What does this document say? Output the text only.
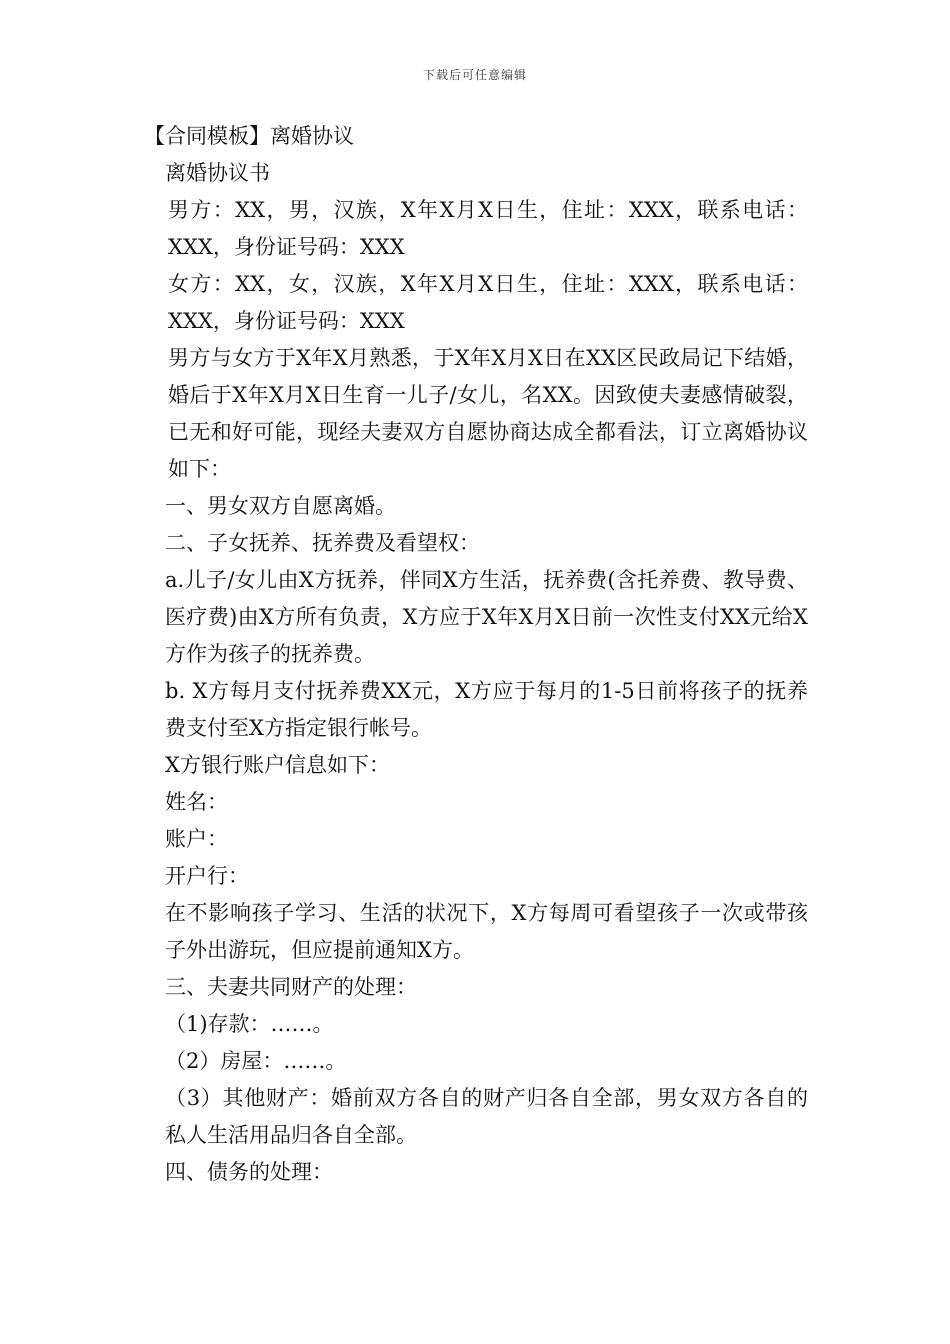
下载后可任意编辑

【合同模板】离婚协议

离婚协议书

男方：XX，男，汉族，X年X月X日生，住址：XXX，联系电话：XXX，身份证号码：XXX

女方：XX，女，汉族，X年X月X日生，住址：XXX，联系电话：XXX，身份证号码：XXX

男方与女方于X年X月熟悉，于X年X月X日在XX区民政局记下结婚，婚后于X年X月X日生育一儿子/女儿，名XX。因致使夫妻感情破裂，已无和好可能，现经夫妻双方自愿协商达成全都看法，订立离婚协议如下：

一、男女双方自愿离婚。

二、子女抚养、抚养费及看望权：

a.儿子/女儿由X方抚养，伴同X方生活，抚养费(含托养费、教导费、医疗费)由X方所有负责，X方应于X年X月X日前一次性支付XX元给X方作为孩子的抚养费。

b. X方每月支付抚养费XX元，X方应于每月的1-5日前将孩子的抚养费支付至X方指定银行帐号。

X方银行账户信息如下：

姓名：

账户：

开户行：

在不影响孩子学习、生活的状况下，X方每周可看望孩子一次或带孩子外出游玩，但应提前通知X方。

三、夫妻共同财产的处理：

（1)存款：……。

（2）房屋：……。

（3）其他财产：婚前双方各自的财产归各自全部，男女双方各自的私人生活用品归各自全部。

四、债务的处理：
